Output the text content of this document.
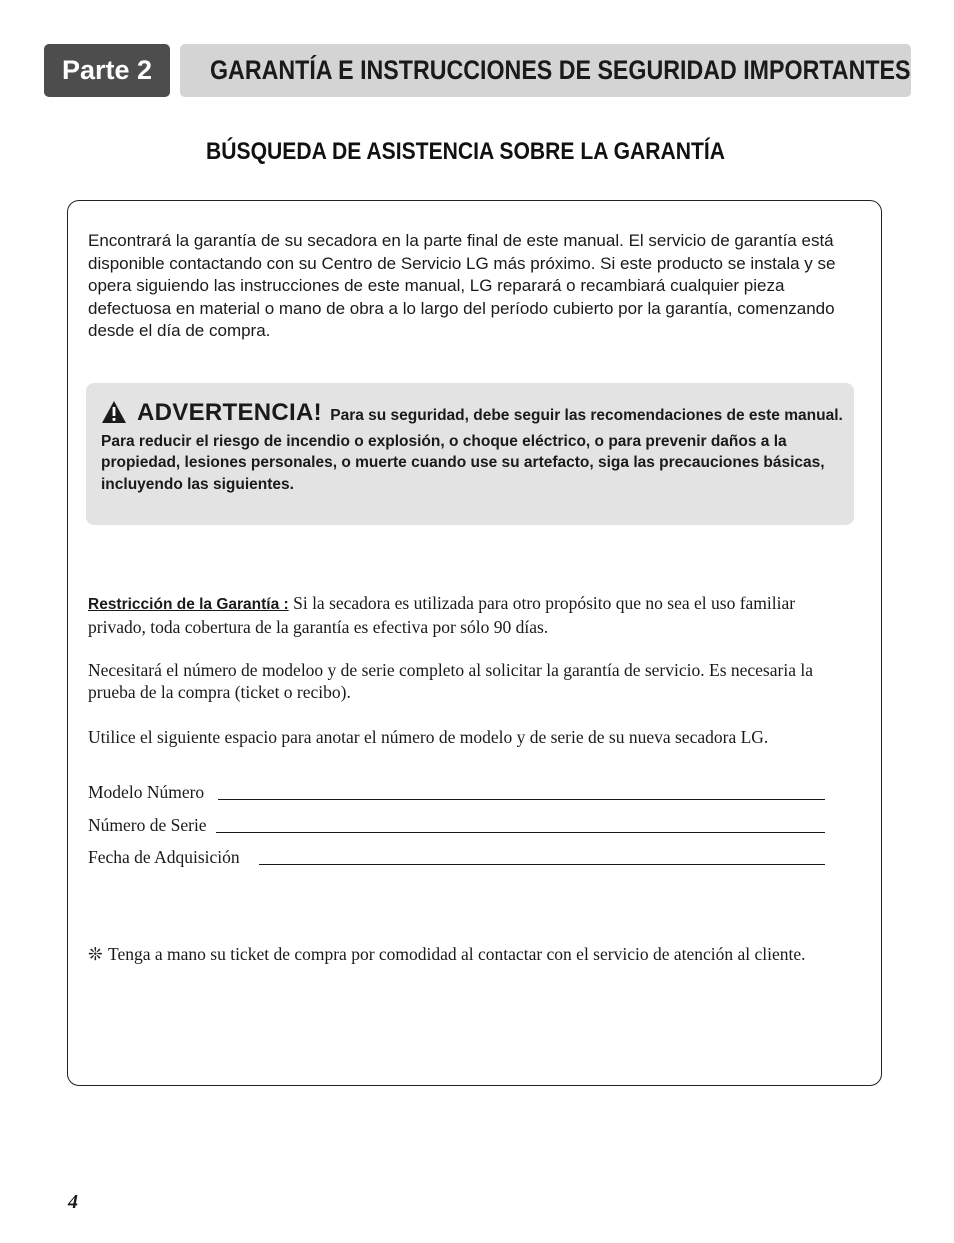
Parte 2 GARANTÍA E INSTRUCCIONES DE SEGURIDAD IMPORTANTES
BÚSQUEDA DE ASISTENCIA SOBRE LA GARANTÍA
Encontrará la garantía de su secadora en la parte final de este manual. El servicio de garantía está disponible contactando con su Centro de Servicio LG más próximo. Si este producto se instala y se opera siguiendo las instrucciones de este manual, LG reparará o recambiará cualquier pieza defectuosa en material o mano de obra a lo largo del período cubierto por la garantía, comenzando desde el día de compra.
ADVERTENCIA! Para su seguridad, debe seguir las recomendaciones de este manual. Para reducir el riesgo de incendio o explosión, o choque eléctrico, o para prevenir daños a la propiedad, lesiones personales, o muerte cuando use su artefacto, siga las precauciones básicas, incluyendo las siguientes.
Restricción de la Garantía : Si la secadora es utilizada para otro propósito que no sea el uso familiar privado, toda cobertura de la garantía es efectiva por sólo 90 días.
Necesitará el número de modeloo y de serie completo al solicitar la garantía de servicio. Es necesaria la prueba de la compra (ticket o recibo).
Utilice el siguiente espacio para anotar el número de modelo y de serie de su nueva secadora LG.
Modelo Número
Número de Serie
Fecha de Adquisición
❊ Tenga a mano su ticket de compra por comodidad al contactar con el servicio de atención al cliente.
4
